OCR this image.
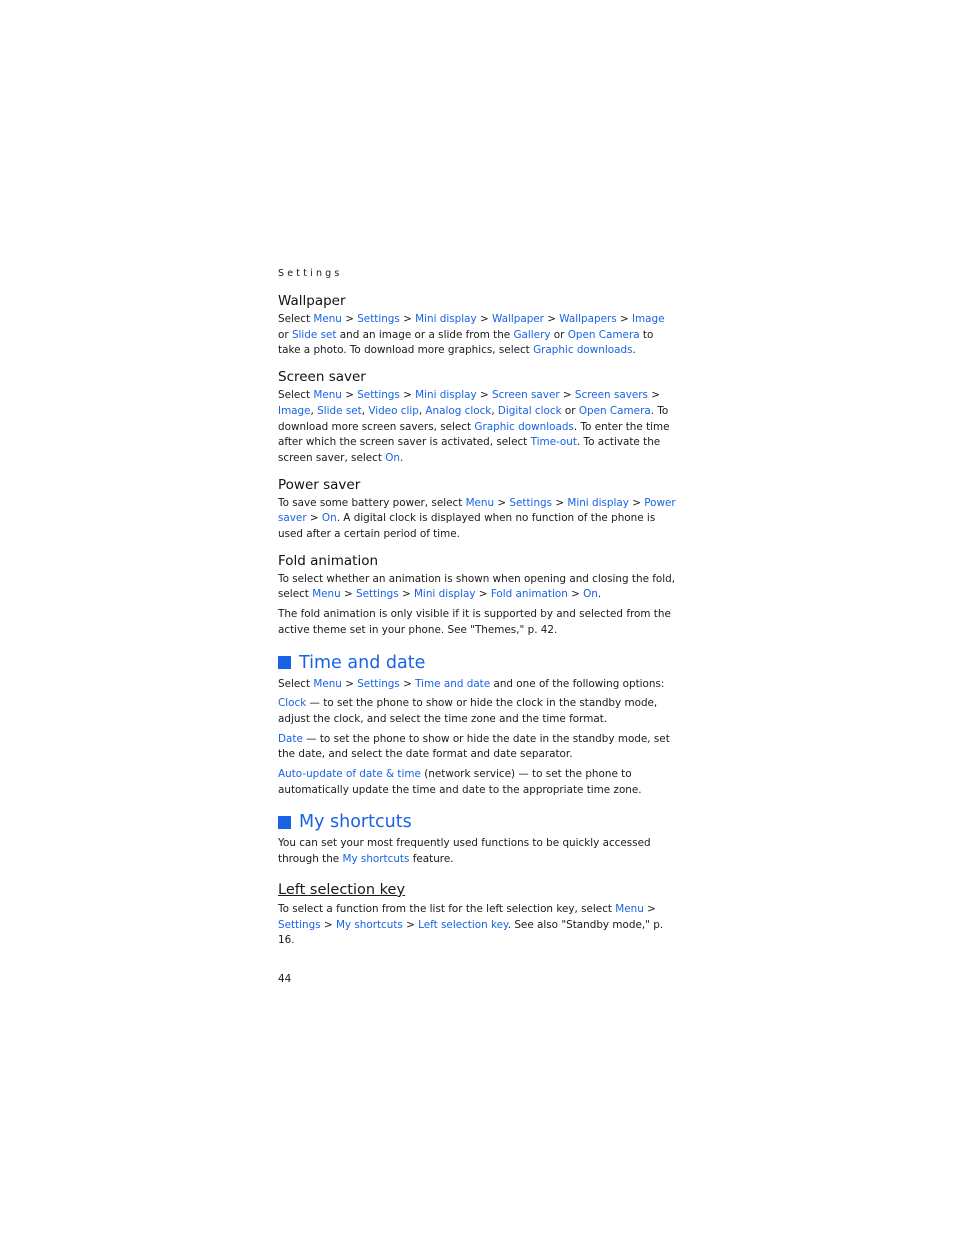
Settings
Wallpaper

Select Menu > Settings > Mini display > Wallpaper > Wallpapers > Image or Slide set and an image or a slide from the Gallery or Open Camera to take a photo. To download more graphics, select Graphic downloads.

Screen saver

Select Menu > Settings > Mini display > Screen saver > Screen savers > Image, Slide set, Video clip, Analog clock, Digital clock or Open Camera. To download more screen savers, select Graphic downloads. To enter the time after which the screen saver is activated, select Time-out. To activate the screen saver, select On.

Power saver

To save some battery power, select Menu > Settings > Mini display > Power saver > On. A digital clock is displayed when no function of the phone is used after a certain period of time.

Fold animation

To select whether an animation is shown when opening and closing the fold, select Menu > Settings > Mini display > Fold animation > On.

The fold animation is only visible if it is supported by and selected from the active theme set in your phone. See "Themes," p. 42.

Time and date

Select Menu > Settings > Time and date and one of the following options:

Clock — to set the phone to show or hide the clock in the standby mode, adjust the clock, and select the time zone and the time format.

Date — to set the phone to show or hide the date in the standby mode, set the date, and select the date format and date separator.

Auto-update of date & time (network service) — to set the phone to automatically update the time and date to the appropriate time zone.

My shortcuts

You can set your most frequently used functions to be quickly accessed through the My shortcuts feature.

Left selection key

To select a function from the list for the left selection key, select Menu > Settings > My shortcuts > Left selection key. See also "Standby mode," p. 16.

44
